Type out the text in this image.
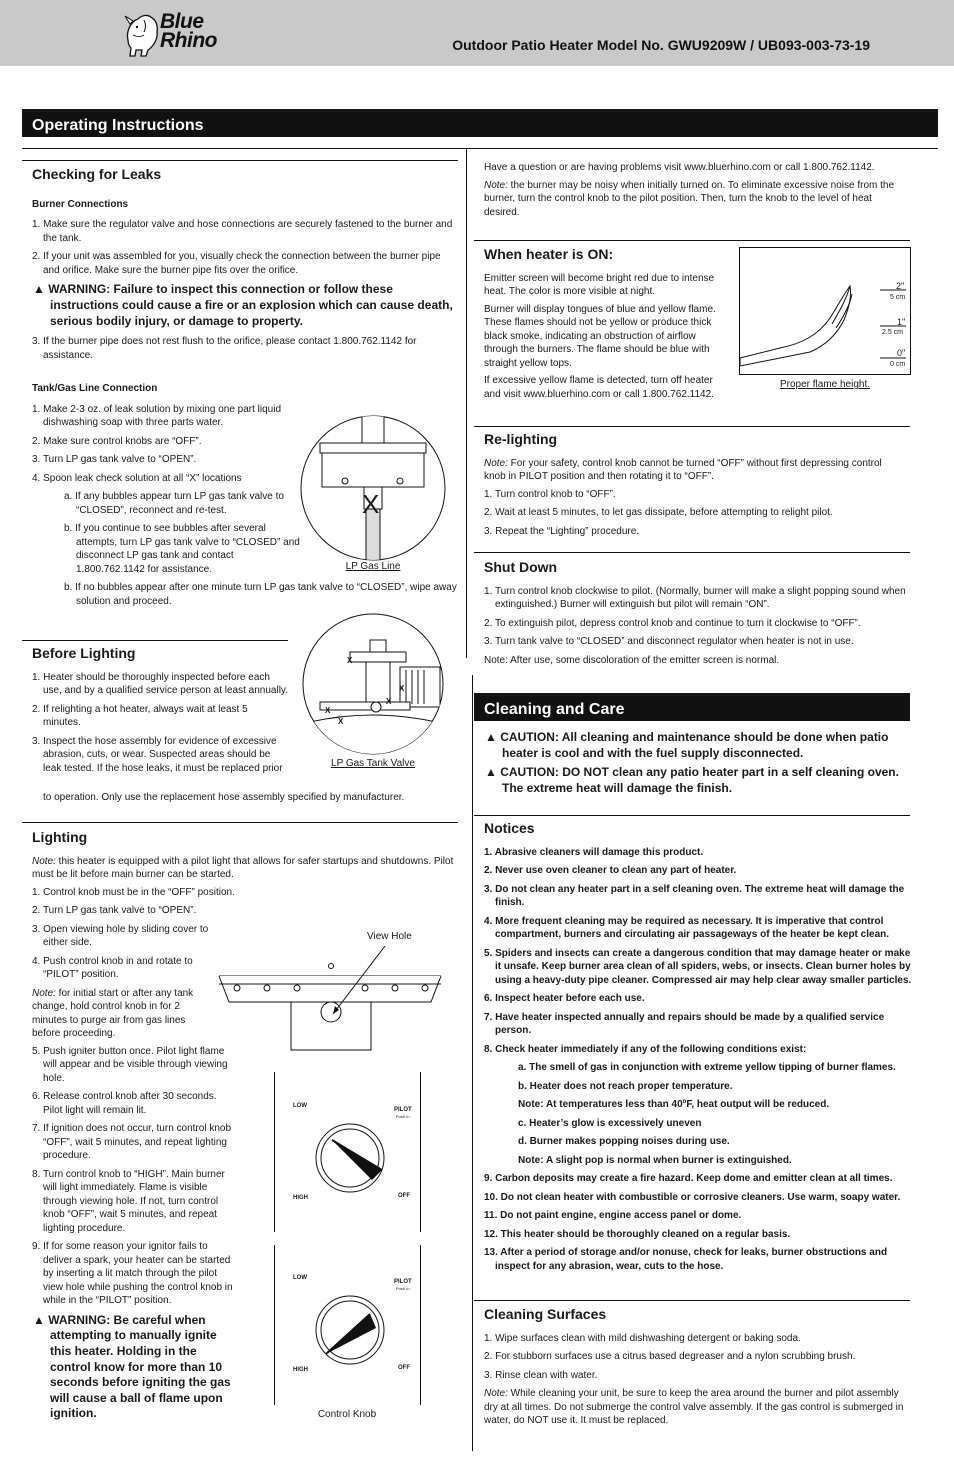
Blue Rhino	Outdoor Patio Heater Model No. GWU9209W / UB093-003-73-19
Operating Instructions
Checking for Leaks
Burner Connections
1. Make sure the regulator valve and hose connections are securely fastened to the burner and the tank.
2. If your unit was assembled for you, visually check the connection between the burner pipe and orifice. Make sure the burner pipe fits over the orifice.
▲ WARNING: Failure to inspect this connection or follow these instructions could cause a fire or an explosion which can cause death, serious bodily injury, or damage to property.
3. If the burner pipe does not rest flush to the orifice, please contact 1.800.762.1142 for assistance.
Tank/Gas Line Connection
1. Make 2-3 oz. of leak solution by mixing one part liquid dishwashing soap with three parts water.
2. Make sure control knobs are “OFF”.
3. Turn LP gas tank valve to “OPEN”.
4. Spoon leak check solution at all “X” locations
a. If any bubbles appear turn LP gas tank valve to “CLOSED”, reconnect and re-test.
b. If you continue to see bubbles after several attempts, turn LP gas tank valve to “CLOSED” and disconnect LP gas tank and contact 1.800.762.1142 for assistance.
b. If no bubbles appear after one minute turn LP gas tank valve to “CLOSED”, wipe away solution and proceed.
X
LP Gas Line
Before Lighting
1. Heater should be thoroughly inspected before each use, and by a qualified service person at least annually.
2. If relighting a hot heater, always wait at least 5 minutes.
3. Inspect the hose assembly for evidence of excessive abrasion, cuts, or wear. Suspected areas should be leak tested. If the hose leaks, it must be replaced prior
to operation. Only use the replacement hose assembly specified by manufacturer.
X
X
X
X
X
LP Gas Tank Valve
Lighting

Note: this heater is equipped with a pilot light that allows for safer startups and shutdowns. Pilot must be lit before main burner can be started.

1. Control knob must be in the “OFF” position.
2. Turn LP gas tank valve to “OPEN”.
3. Open viewing hole by sliding cover to either side.
4. Push control knob in and rotate to “PILOT” position.

Note: for initial start or after any tank change, hold control knob in for 2 minutes to purge air from gas lines before proceeding.

5. Push igniter button once. Pilot light flame will appear and be visible through viewing hole.
6. Release control knob after 30 seconds. Pilot light will remain lit.
7. If ignition does not occur, turn control knob “OFF”, wait 5 minutes, and repeat lighting procedure.
8. Turn control knob to “HIGH”. Main burner will light immediately. Flame is visible through viewing hole. If not, turn control knob “OFF”, wait 5 minutes, and repeat lighting procedure.
9. If for some reason your ignitor fails to deliver a spark, your heater can be started by inserting a lit match through the pilot view hole while pushing the control knob in while in the “PILOT” position.
▲ WARNING: Be careful when attempting to manually ignite this heater. Holding in the control know for more than 10 seconds before igniting the gas will cause a ball of flame upon ignition.
View Hole
LOW
PILOT
Push In
HIGH	OFF
LOW
PILOT
Push In
HIGH	OFF
Control Knob

Have a question or are having problems visit www.bluerhino.com or call 1.800.762.1142.

Note: the burner may be noisy when initially turned on. To eliminate excessive noise from the burner, turn the control knob to the pilot position. Then, turn the knob to the level of heat desired.

When heater is ON:

Emitter screen will become bright red due to intense heat. The color is more visible at night.

Burner will display tongues of blue and yellow flame. These flames should not be yellow or produce thick black smoke, indicating an obstruction of airflow through the burners. The flame should be blue with straight yellow tops.

If excessive yellow flame is detected, turn off heater and visit www.bluerhino.com or call 1.800.762.1142.

2"
5 cm
1"
2.5 cm
0"
0 cm
Proper flame height.
Re-lighting

Note: For your safety, control knob cannot be turned “OFF” without first depressing control knob in PILOT position and then rotating it to “OFF”.

1. Turn control knob to “OFF”.
2. Wait at least 5 minutes, to let gas dissipate, before attempting to relight pilot.
3. Repeat the “Lighting” procedure.
Shut Down
1. Turn control knob clockwise to pilot. (Normally, burner will make a slight popping sound when extinguished.) Burner will extinguish but pilot will remain “ON”.
2. To extinguish pilot, depress control knob and continue to turn it clockwise to “OFF”.
3. Turn tank valve to “CLOSED” and disconnect regulator when heater is not in use.

Note: After use, some discoloration of the emitter screen is normal.

Cleaning and Care
▲ CAUTION: All cleaning and maintenance should be done when patio heater is cool and with the fuel supply disconnected.
▲ CAUTION: DO NOT clean any patio heater part in a self cleaning oven. The extreme heat will damage the finish.
Notices
1. Abrasive cleaners will damage this product.
2. Never use oven cleaner to clean any part of heater.
3. Do not clean any heater part in a self cleaning oven. The extreme heat will damage the finish.
4. More frequent cleaning may be required as necessary. It is imperative that control compartment, burners and circulating air passageways of the heater be kept clean.
5. Spiders and insects can create a dangerous condition that may damage heater or make it unsafe. Keep burner area clean of all spiders, webs, or insects. Clean burner holes by using a heavy-duty pipe cleaner. Compressed air may help clear away smaller particles.
6. Inspect heater before each use.
7. Have heater inspected annually and repairs should be made by a qualified service person.
8. Check heater immediately if any of the following conditions exist:
a. The smell of gas in conjunction with extreme yellow tipping of burner flames.
b. Heater does not reach proper temperature.
Note: At temperatures less than 40ºF, heat output will be reduced.
c. Heater’s glow is excessively uneven
d. Burner makes popping noises during use.
Note: A slight pop is normal when burner is extinguished.
9. Carbon deposits may create a fire hazard. Keep dome and emitter clean at all times.
10. Do not clean heater with combustible or corrosive cleaners. Use warm, soapy water.
11. Do not paint engine, engine access panel or dome.
12. This heater should be thoroughly cleaned on a regular basis.
13. After a period of storage and/or nonuse, check for leaks, burner obstructions and inspect for any abrasion, wear, cuts to the hose.
Cleaning Surfaces
1. Wipe surfaces clean with mild dishwashing detergent or baking soda.
2. For stubborn surfaces use a citrus based degreaser and a nylon scrubbing brush.
3. Rinse clean with water.

Note: While cleaning your unit, be sure to keep the area around the burner and pilot assembly dry at all times. Do not submerge the control valve assembly. If the gas control is submerged in water, do NOT use it. It must be replaced.
